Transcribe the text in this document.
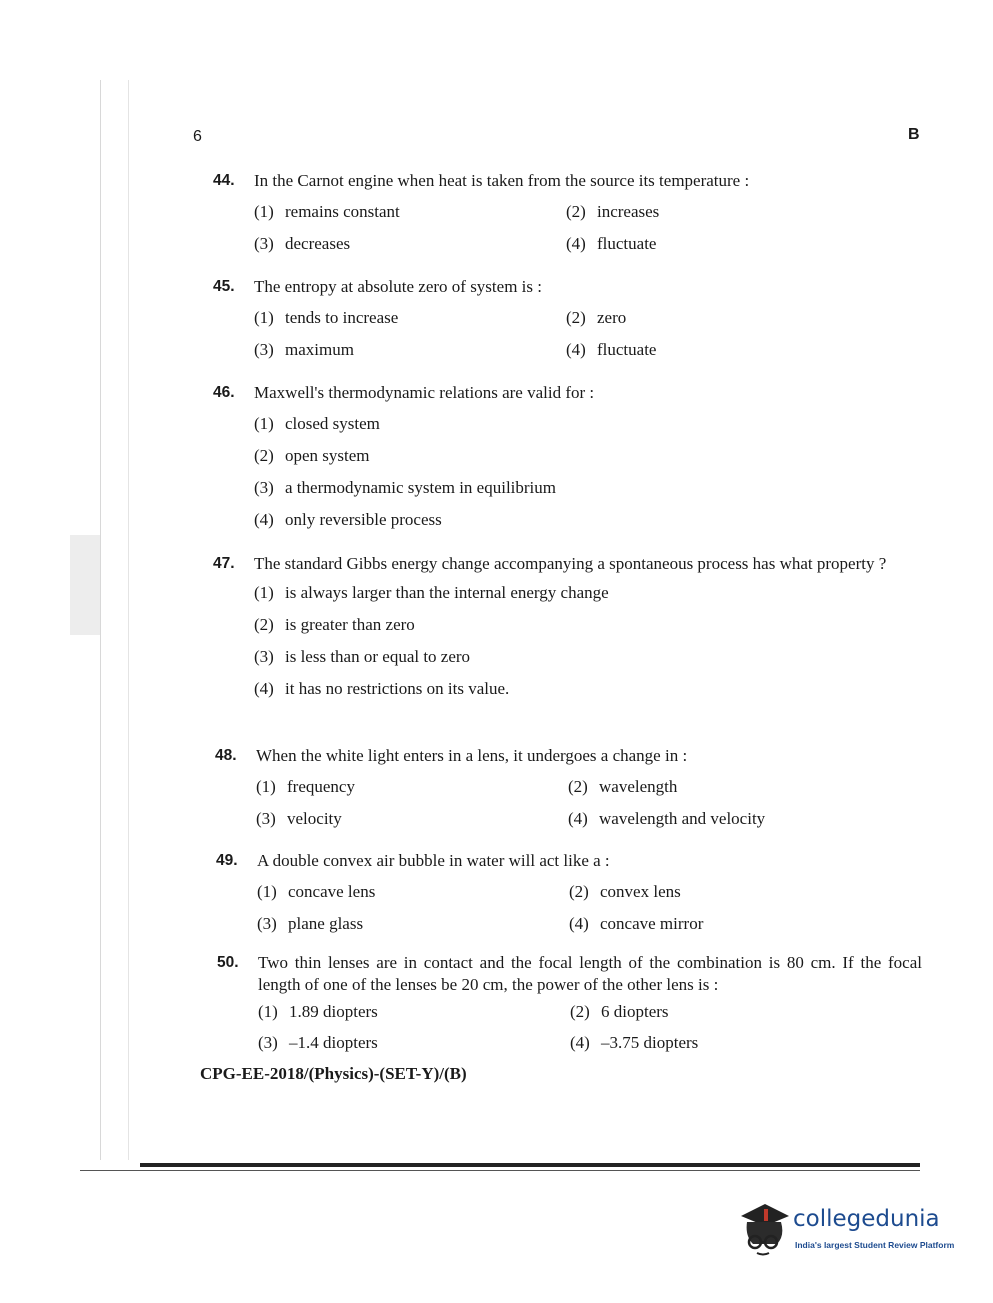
6	B
44.	In the Carnot engine when heat is taken from the source its temperature :
(1) remains constant	(2) increases
(3) decreases	(4) fluctuate
45.	The entropy at absolute zero of system is :
(1) tends to increase	(2) zero
(3) maximum	(4) fluctuate
46.	Maxwell's thermodynamic relations are valid for :
(1) closed system
(2) open system
(3) a thermodynamic system in equilibrium
(4) only reversible process
47.	The standard Gibbs energy change accompanying a spontaneous process has what property ?
(1) is always larger than the internal energy change
(2) is greater than zero
(3) is less than or equal to zero
(4) it has no restrictions on its value.
48.	When the white light enters in a lens, it undergoes a change in :
(1) frequency	(2) wavelength
(3) velocity	(4) wavelength and velocity
49.	A double convex air bubble in water will act like a :
(1) concave lens	(2) convex lens
(3) plane glass	(4) concave mirror
50.	Two thin lenses are in contact and the focal length of the combination is 80 cm. If the focal length of one of the lenses be 20 cm, the power of the other lens is :
(1) 1.89 diopters	(2) 6 diopters
(3) –1.4 diopters	(4) –3.75 diopters
CPG-EE-2018/(Physics)-(SET-Y)/(B)
collegedunia
India's largest Student Review Platform
